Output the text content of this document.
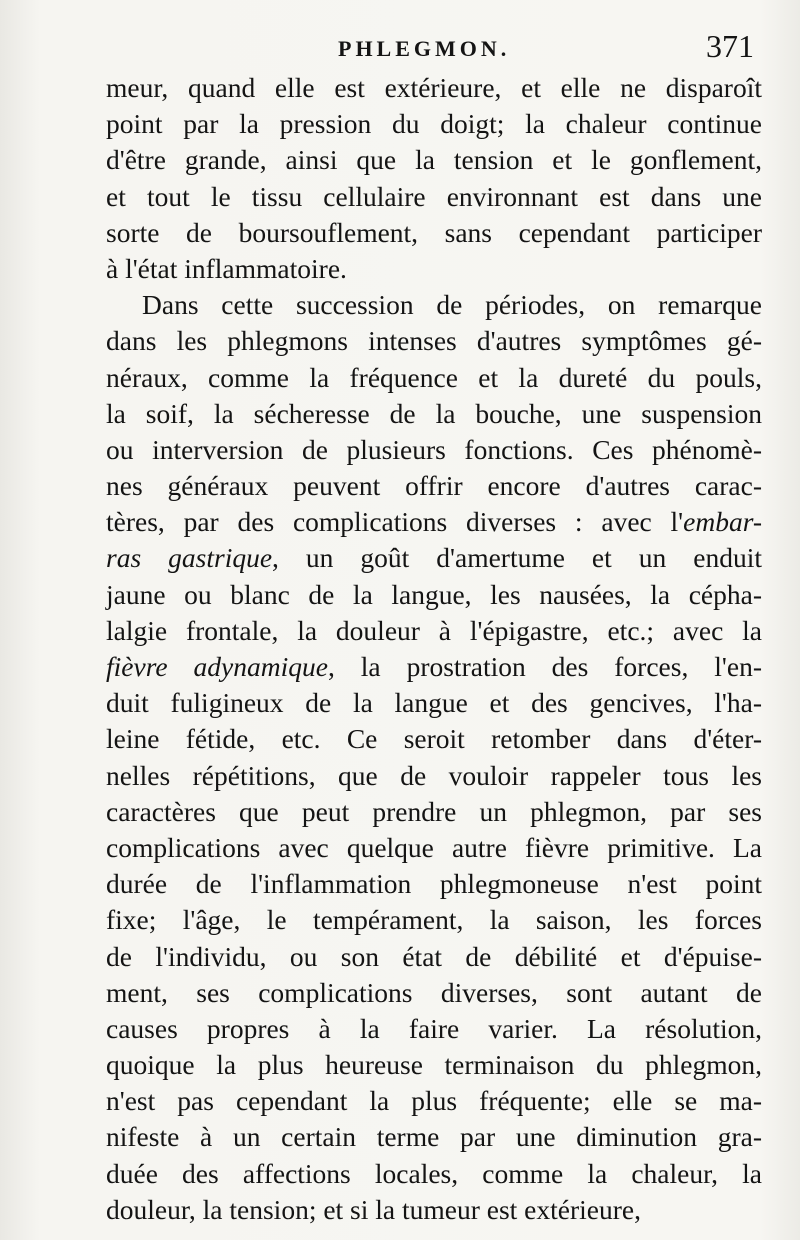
PHLEGMON.	371
meur, quand elle est extérieure, et elle ne disparoît
point par la pression du doigt; la chaleur continue
d'être grande, ainsi que la tension et le gonflement,
et tout le tissu cellulaire environnant est dans une
sorte de boursouflement, sans cependant participer
à l'état inflammatoire.
Dans cette succession de périodes, on remarque
dans les phlegmons intenses d'autres symptômes gé-
néraux, comme la fréquence et la dureté du pouls,
la soif, la sécheresse de la bouche, une suspension
ou interversion de plusieurs fonctions. Ces phénomè-
nes généraux peuvent offrir encore d'autres carac-
tères, par des complications diverses : avec l'embar-
ras gastrique, un goût d'amertume et un enduit
jaune ou blanc de la langue, les nausées, la cépha-
lalgie frontale, la douleur à l'épigastre, etc.; avec la
fièvre adynamique, la prostration des forces, l'en-
duit fuligineux de la langue et des gencives, l'ha-
leine fétide, etc. Ce seroit retomber dans d'éter-
nelles répétitions, que de vouloir rappeler tous les
caractères que peut prendre un phlegmon, par ses
complications avec quelque autre fièvre primitive. La
durée de l'inflammation phlegmoneuse n'est point
fixe; l'âge, le tempérament, la saison, les forces
de l'individu, ou son état de débilité et d'épuise-
ment, ses complications diverses, sont autant de
causes propres à la faire varier. La résolution,
quoique la plus heureuse terminaison du phlegmon,
n'est pas cependant la plus fréquente; elle se ma-
nifeste à un certain terme par une diminution gra-
duée des affections locales, comme la chaleur, la
douleur, la tension; et si la tumeur est extérieure,
